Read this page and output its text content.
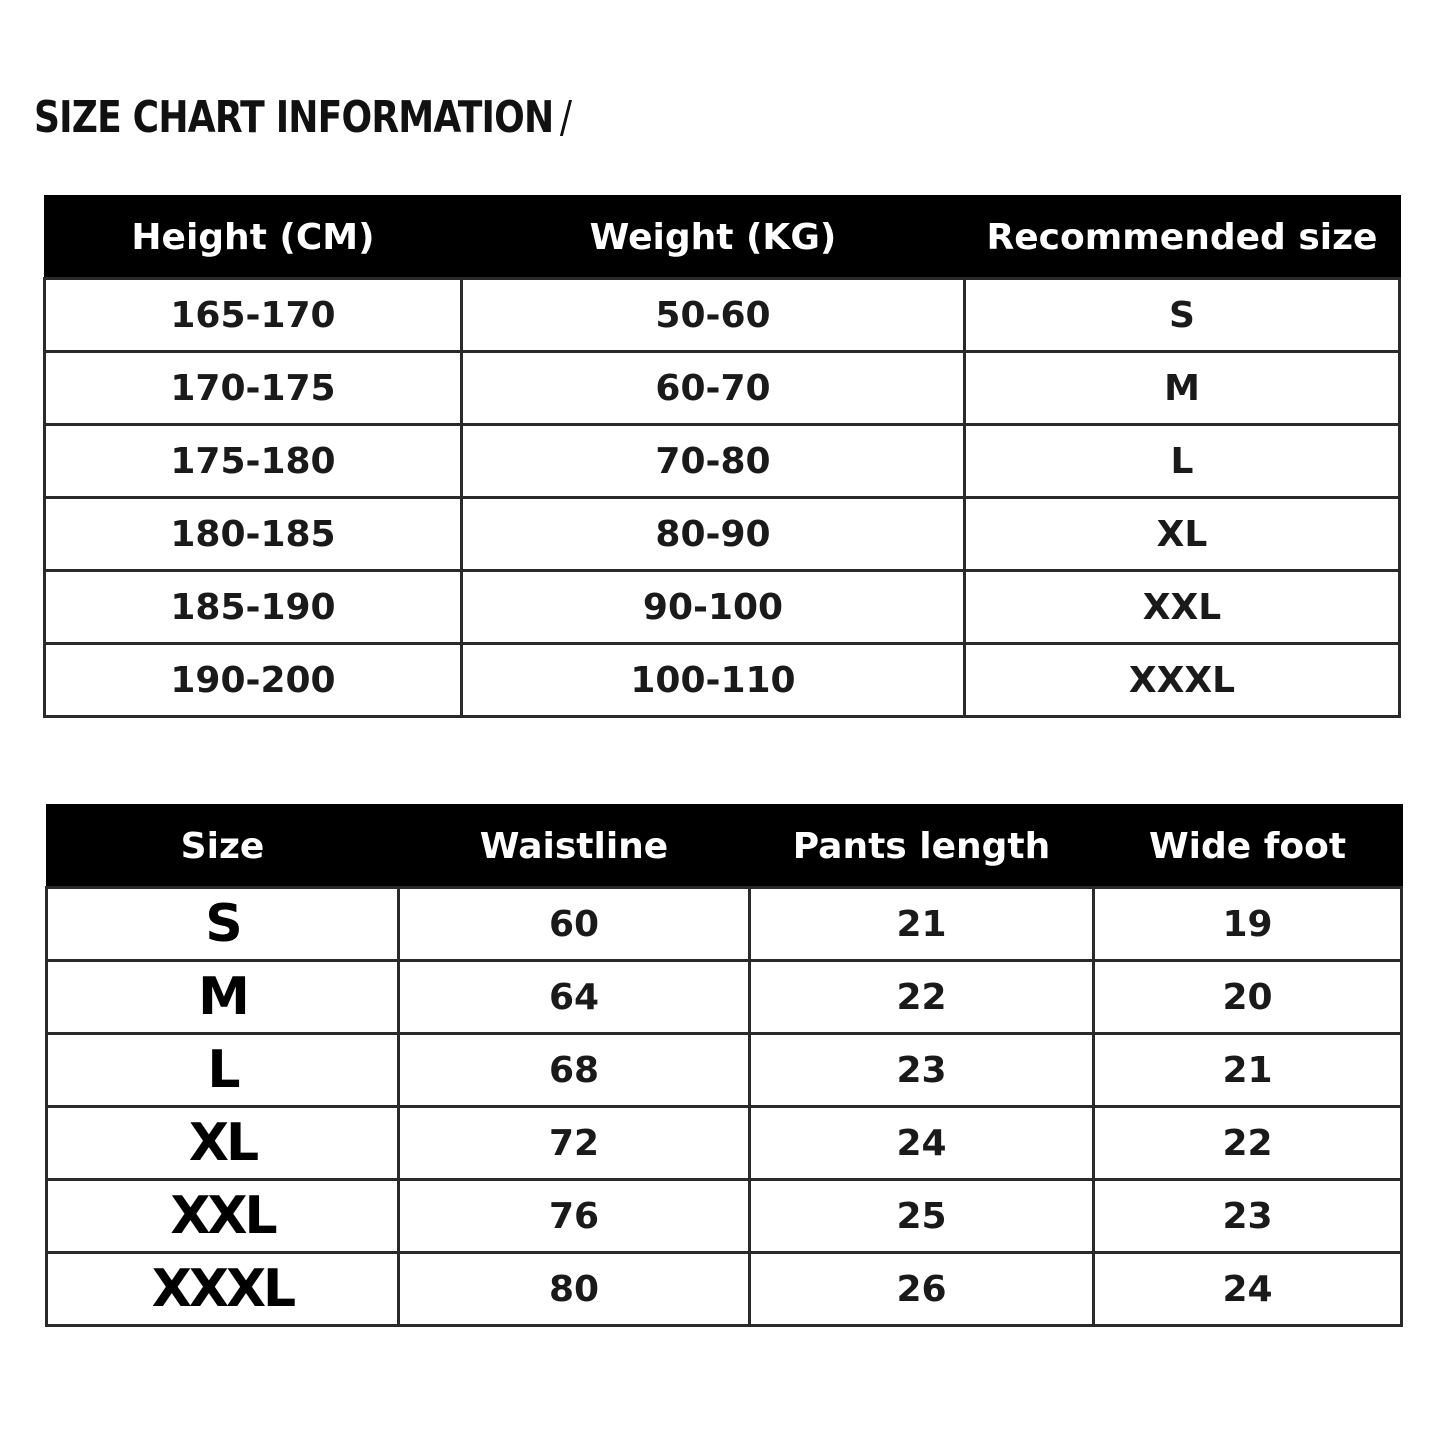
SIZE CHART INFORMATION /
Height (CM)	Weight (KG)	Recommended size
165-170	50-60	S
170-175	60-70	M
175-180	70-80	L
180-185	80-90	XL
185-190	90-100	XXL
190-200	100-110	XXXL
Size	Waistline	Pants length	Wide foot
S	60	21	19
M	64	22	20
L	68	23	21
XL	72	24	22
XXL	76	25	23
XXXL	80	26	24
